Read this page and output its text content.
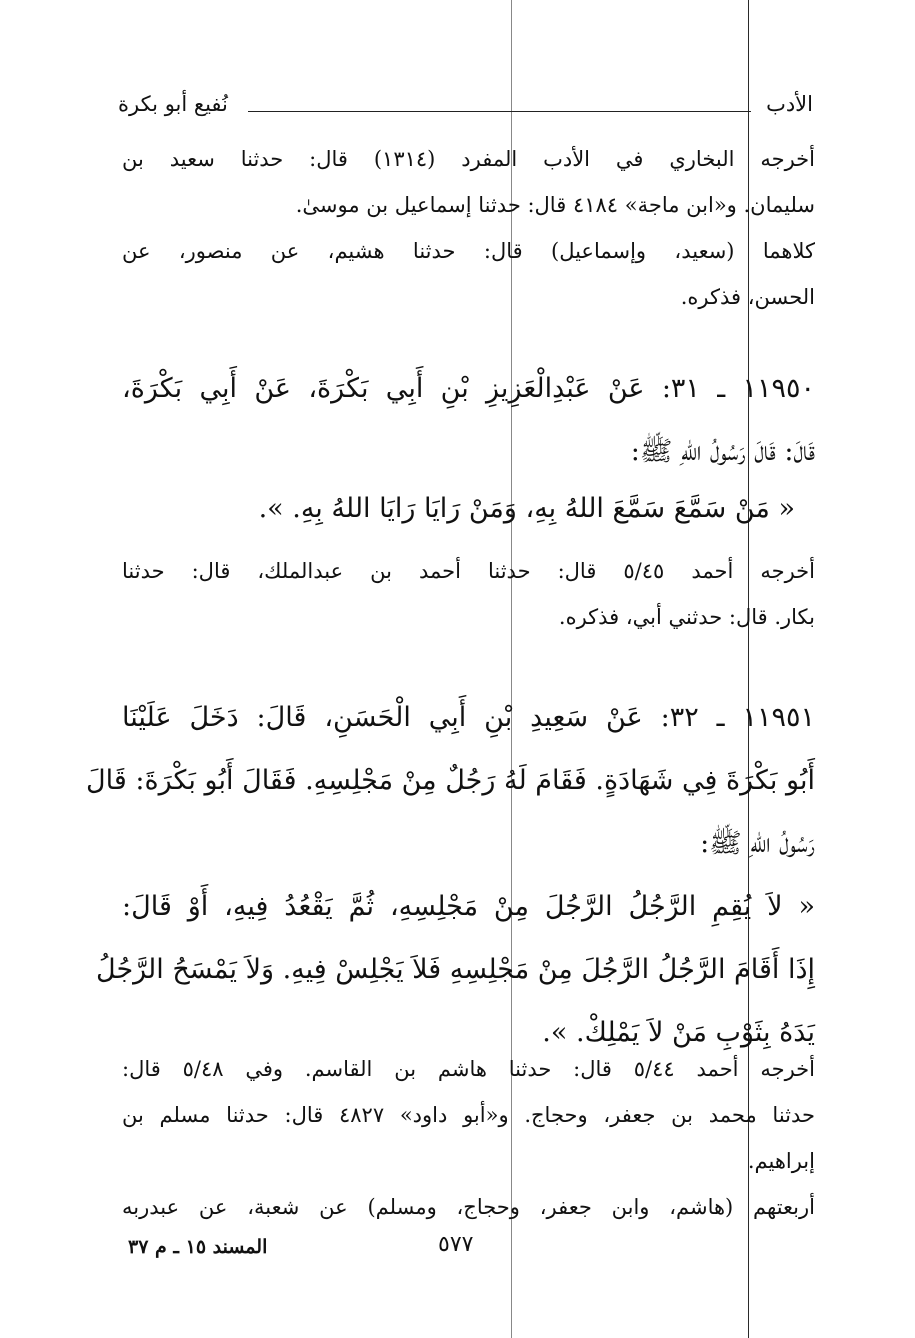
الأدب
نُفيع أبو بكرة
أخرجه البخاري في الأدب المفرد (١٣١٤) قال: حدثنا سعيد بن
سليمان. و«ابن ماجة» ٤١٨٤ قال: حدثنا إسماعيل بن موسىٰ.
كلاهما (سعيد، وإسماعيل) قال: حدثنا هشيم، عن منصور، عن
الحسن، فذكره.
١١٩٥٠ ـ ٣١: عَنْ عَبْدِالْعَزِيزِ بْنِ أَبِي بَكْرَةَ، عَنْ أَبِي بَكْرَةَ،
قَالَ: قَالَ رَسُولُ اللهِ ﷺ:
« مَنْ سَمَّعَ سَمَّعَ اللهُ بِهِ، وَمَنْ رَايَا رَايَا اللهُ بِهِ. ».
أخرجه أحمد ٥/٤٥ قال: حدثنا أحمد بن عبدالملك، قال: حدثنا
بكار. قال: حدثني أبي، فذكره.
١١٩٥١ ـ ٣٢: عَنْ سَعِيدِ بْنِ أَبِي الْحَسَنِ، قَالَ: دَخَلَ عَلَيْنَا
أَبُو بَكْرَةَ فِي شَهَادَةٍ. فَقَامَ لَهُ رَجُلٌ مِنْ مَجْلِسِهِ. فَقَالَ أَبُو بَكْرَةَ: قَالَ
رَسُولُ اللهِ ﷺ:
« لاَ يُقِمِ الرَّجُلُ الرَّجُلَ مِنْ مَجْلِسِهِ، ثُمَّ يَقْعُدُ فِيهِ، أَوْ قَالَ:
إِذَا أَقَامَ الرَّجُلُ الرَّجُلَ مِنْ مَجْلِسِهِ فَلاَ يَجْلِسْ فِيهِ. وَلاَ يَمْسَحُ الرَّجُلُ
يَدَهُ بِثَوْبِ مَنْ لاَ يَمْلِكْ. ».
أخرجه أحمد ٥/٤٤ قال: حدثنا هاشم بن القاسم. وفي ٥/٤٨ قال:
حدثنا محمد بن جعفر، وحجاج. و«أبو داود» ٤٨٢٧ قال: حدثنا مسلم بن
إبراهيم.
أربعتهم (هاشم، وابن جعفر، وحجاج، ومسلم) عن شعبة، عن عبدربه
المسند ١٥ ـ م ٣٧	٥٧٧
